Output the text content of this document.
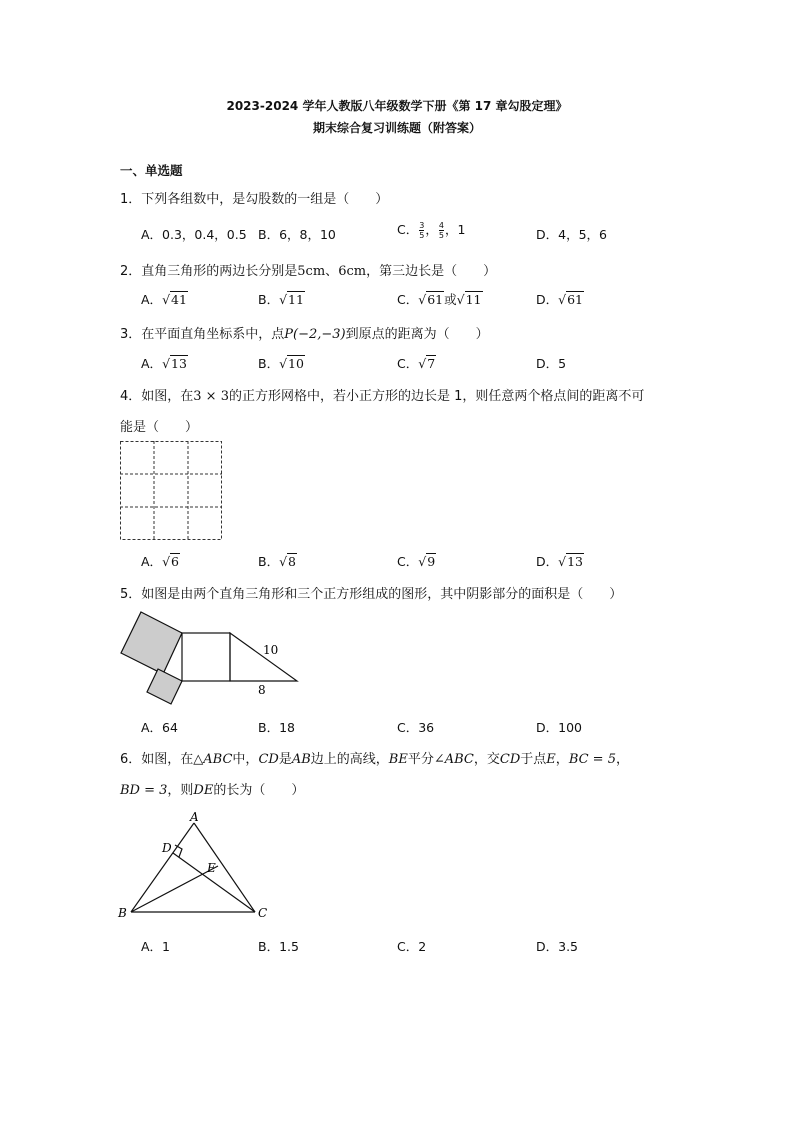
2023-2024 学年人教版八年级数学下册《第 17 章勾股定理》
期末综合复习训练题（附答案）
一、单选题
1．下列各组数中，是勾股数的一组是（　　）
A．0.3，0.4，0.5 B．6，8，10	C． $\frac{3}{5}$ ， $\frac{4}{5}$ ，1	D．4，5，6
2．直角三角形的两边长分别是5cm、6cm，第三边长是（　　）
A．√41	B．√11	C．√61或√11	D．√61
3．在平面直角坐标系中，点P(−2,−3)到原点的距离为（　　）
A．√13	B．√10	C．√7	D．5
4．如图，在3 × 3的正方形网格中，若小正方形的边长是 1，则任意两个格点间的距离不可
能是（　　）
A．√6	B．√8	C．√9	D．√13
5．如图是由两个直角三角形和三个正方形组成的图形，其中阴影部分的面积是（　　）
10
8
A．64	B．18	C．36	D．100
6．如图，在△ABC中，CD是AB边上的高线，BE平分∠ABC，交CD于点E，BC = 5，
BD = 3，则DE的长为（　　）
A
B	C
D
E
A．1	B．1.5	C．2	D．3.5
